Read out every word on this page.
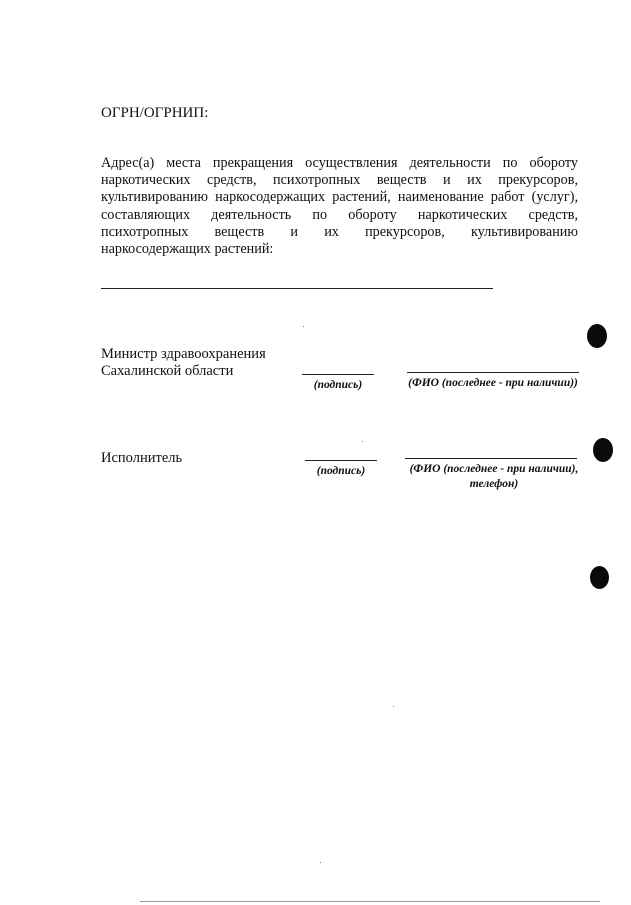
ОГРН/ОГРНИП:
Адрес(а) места прекращения осуществления деятельности по обороту наркотических средств, психотропных веществ и их прекурсоров, культивированию наркосодержащих растений, наименование работ (услуг), составляющих деятельность по обороту наркотических средств, психотропных веществ и их прекурсоров, культивированию наркосодержащих растений:
Министр здравоохранения
Сахалинской области
(подпись)	(ФИО (последнее - при наличии))
Исполнитель
(подпись)	(ФИО (последнее - при наличии),
телефон)
